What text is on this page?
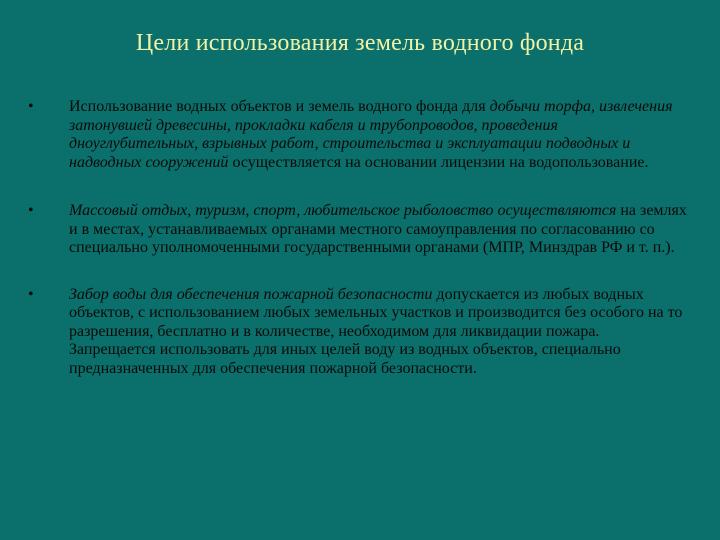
Цели использования земель водного фонда
•	Использование водных объектов и земель водного фонда для добычи торфа, извлечения затонувшей древесины, прокладки кабеля и трубопроводов, проведения дноуглубительных, взрывных работ, строительства и эксплуатации подводных и надводных сооружений осуществляется на основании лицензии на водопользование.
•	Массовый отдых, туризм, спорт, любительское рыболовство осуществляются на землях и в местах, устанавливаемых органами местного самоуправления по согласованию со специально уполномоченными государственными органами (МПР, Минздрав РФ и т. п.).
•	Забор воды для обеспечения пожарной безопасности допускается из любых водных объектов, с использованием любых земельных участков и производится без особого на то разрешения, бесплатно и в количестве, необходимом для ликвидации пожара. Запрещается использовать для иных целей воду из водных объектов, специально предназначенных для обеспечения пожарной безопасности.
